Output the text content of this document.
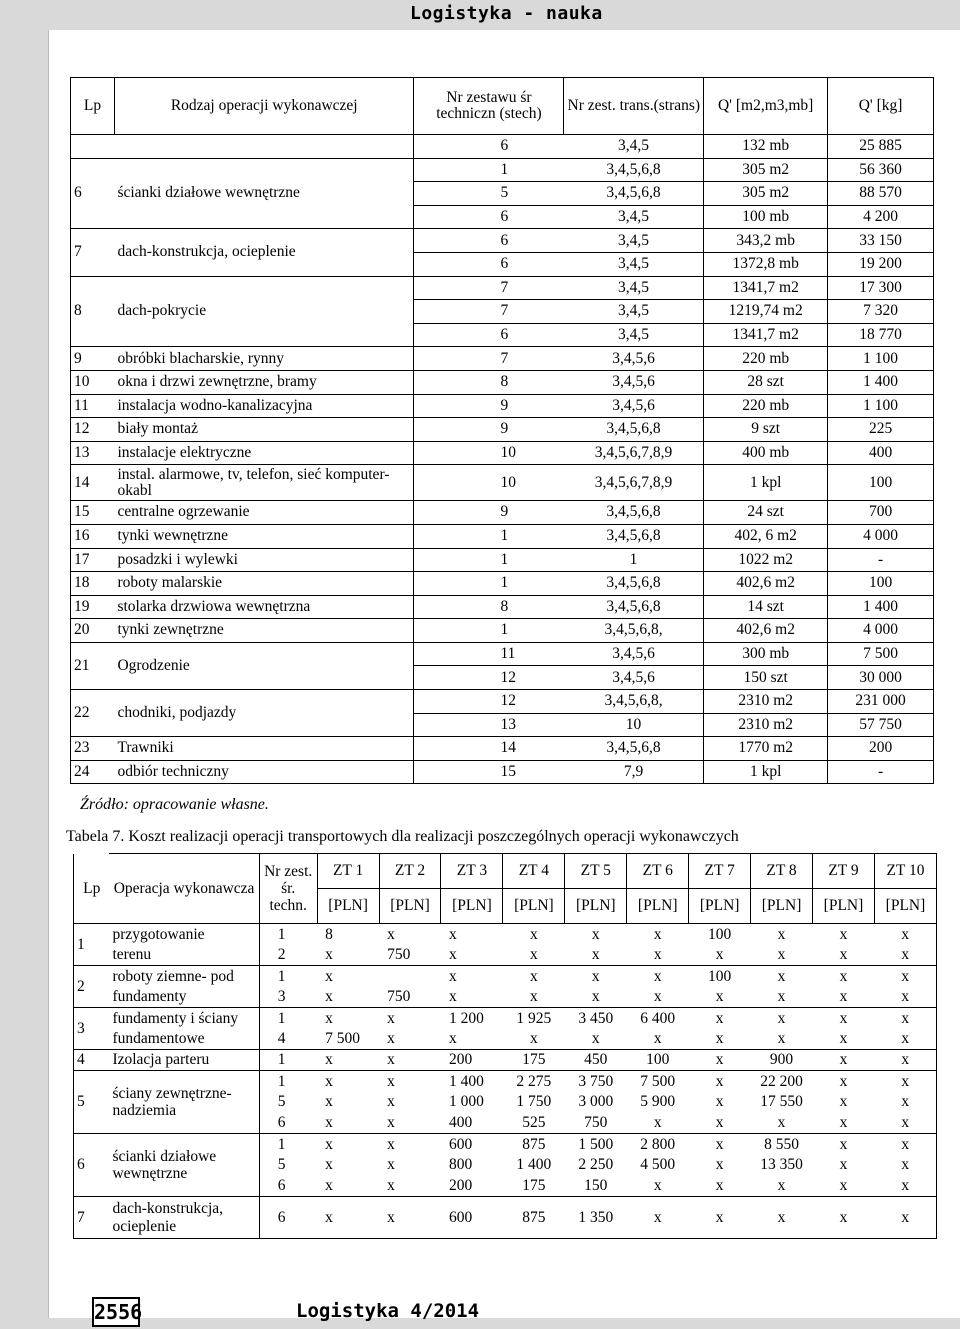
Logistyka - nauka
Lp	Rodzaj operacji wykonawczej	Nr zestawu śr techniczn (stech)	Nr zest. trans.(strans)	Q' [m2,m3,mb]	Q' [kg]
		6	3,4,5	132 mb	25 885
6	ścianki działowe wewnętrzne	1	3,4,5,6,8	305 m2	56 360
		5	3,4,5,6,8	305 m2	88 570
		6	3,4,5	100 mb	4 200
7	dach-konstrukcja, ocieplenie	6	3,4,5	343,2 mb	33 150
		6	3,4,5	1372,8 mb	19 200
8	dach-pokrycie	7	3,4,5	1341,7 m2	17 300
		7	3,4,5	1219,74 m2	7 320
		6	3,4,5	1341,7 m2	18 770
9	obróbki blacharskie, rynny	7	3,4,5,6	220 mb	1 100
10	okna i drzwi zewnętrzne, bramy	8	3,4,5,6	28 szt	1 400
11	instalacja wodno-kanalizacyjna	9	3,4,5,6	220 mb	1 100
12	biały montaż	9	3,4,5,6,8	9 szt	225
13	instalacje elektryczne	10	3,4,5,6,7,8,9	400 mb	400
14	instal. alarmowe, tv, telefon, sieć komputer-okabl	10	3,4,5,6,7,8,9	1 kpl	100
15	centralne ogrzewanie	9	3,4,5,6,8	24 szt	700
16	tynki wewnętrzne	1	3,4,5,6,8	402, 6 m2	4 000
17	posadzki i wylewki	1	1	1022 m2	-
18	roboty malarskie	1	3,4,5,6,8	402,6 m2	100
19	stolarka drzwiowa wewnętrzna	8	3,4,5,6,8	14 szt	1 400
20	tynki zewnętrzne	1	3,4,5,6,8,	402,6 m2	4 000
21	Ogrodzenie	11	3,4,5,6	300 mb	7 500
		12	3,4,5,6	150 szt	30 000
22	chodniki, podjazdy	12	3,4,5,6,8,	2310 m2	231 000
		13	10	2310 m2	57 750
23	Trawniki	14	3,4,5,6,8	1770 m2	200
24	odbiór techniczny	15	7,9	1 kpl	-
Źródło: opracowanie własne.
Tabela 7. Koszt realizacji operacji transportowych dla realizacji poszczególnych operacji wykonawczych
Lp	Operacja wykonawcza	Nr zest. śr. techn.	ZT 1	ZT 2	ZT 3	ZT 4	ZT 5	ZT 6	ZT 7	ZT 8	ZT 9	ZT 10
			[PLN]	[PLN]	[PLN]	[PLN]	[PLN]	[PLN]	[PLN]	[PLN]	[PLN]	[PLN]
1	przygotowanie	1	8	x	x	x	x	x	100	x	x	x
	terenu	2	x	750	x	x	x	x	x	x	x	x
2	roboty ziemne- pod	1	x		x	x	x	x	100	x	x	x
	fundamenty	3	x	750	x	x	x	x	x	x	x	x
3	fundamenty i ściany	1	x	x	1 200	1 925	3 450	6 400	x	x	x	x
	fundamentowe	4	7 500	x	x	x	x	x	x	x	x	x
4	Izolacja parteru	1	x	x	200	175	450	100	x	900	x	x
5	ściany zewnętrzne- nadziemia	1	x	x	1 400	2 275	3 750	7 500	x	22 200	x	x
		5	x	x	1 000	1 750	3 000	5 900	x	17 550	x	x
		6	x	x	400	525	750	x	x	x	x	x
6	ścianki działowe wewnętrzne	1	x	x	600	875	1 500	2 800	x	8 550	x	x
		5	x	x	800	1 400	2 250	4 500	x	13 350	x	x
		6	x	x	200	175	150	x	x	x	x	x
7	dach-konstrukcja, ocieplenie	6	x	x	600	875	1 350	x	x	x	x	x
2556	Logistyka 4/2014
